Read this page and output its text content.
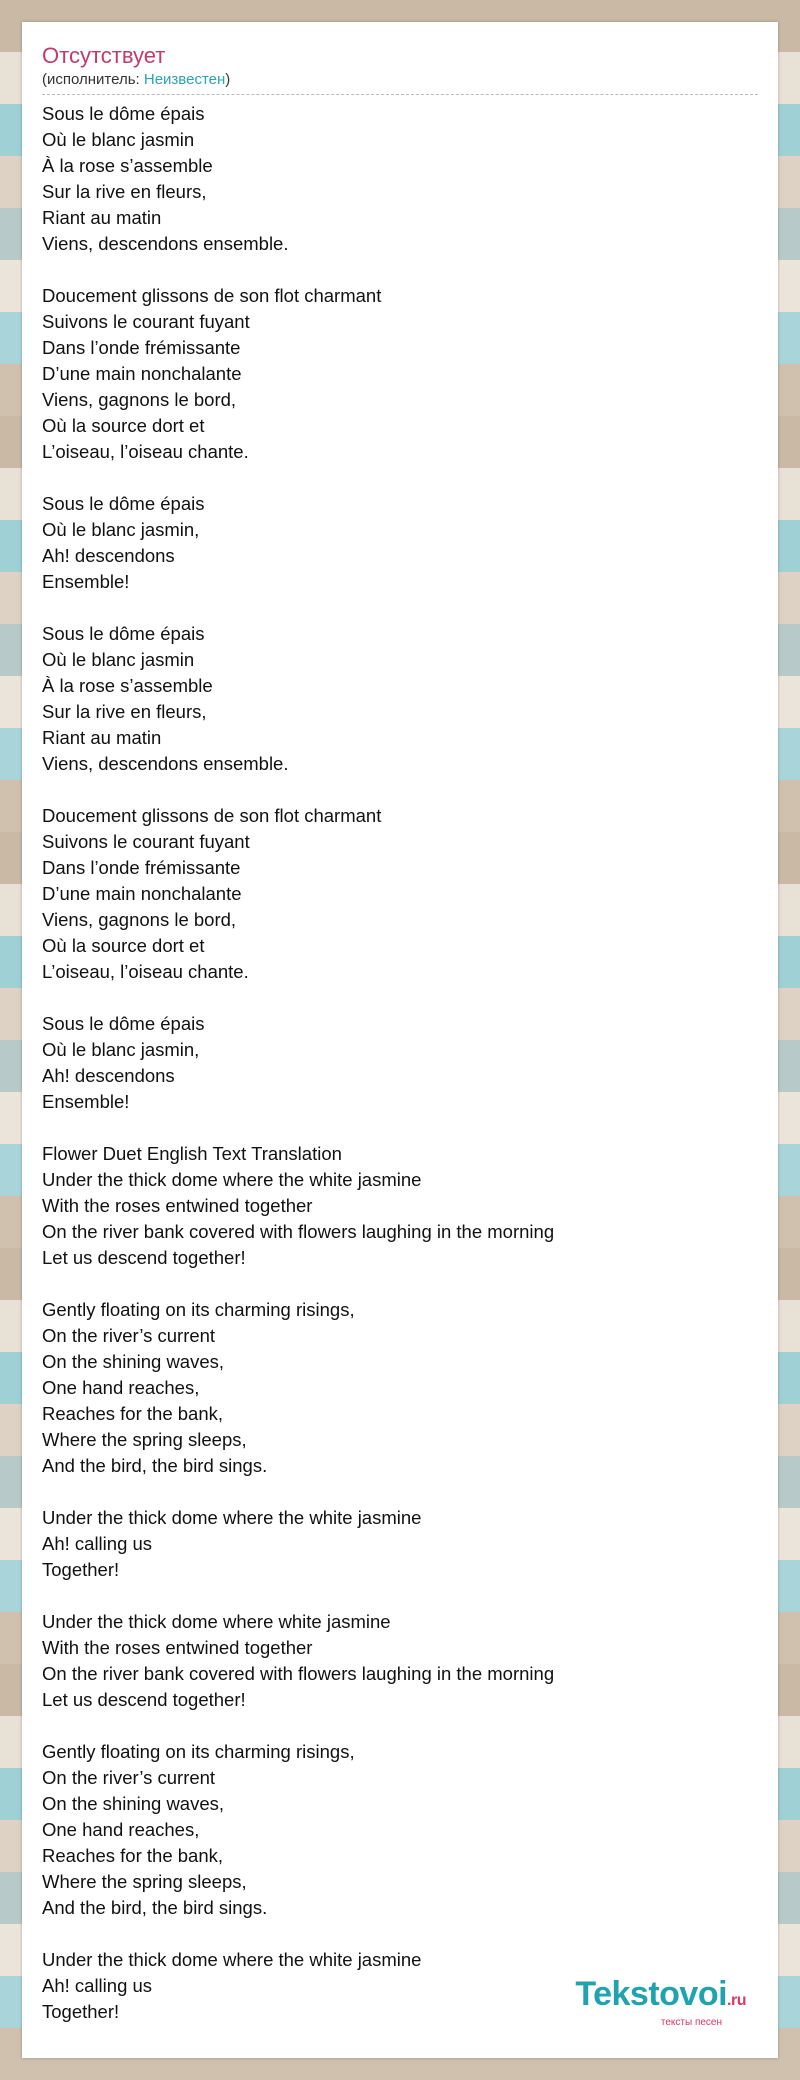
Отсутствует
(исполнитель: Неизвестен)
Sous le dôme épais
Où le blanc jasmin
À la rose s’assemble
Sur la rive en fleurs,
Riant au matin
Viens, descendons ensemble.
Doucement glissons de son flot charmant
Suivons le courant fuyant
Dans l’onde frémissante
D’une main nonchalante
Viens, gagnons le bord,
Où la source dort et
L’oiseau, l’oiseau chante.
Sous le dôme épais
Où le blanc jasmin,
Ah! descendons
Ensemble!
Sous le dôme épais
Où le blanc jasmin
À la rose s’assemble
Sur la rive en fleurs,
Riant au matin
Viens, descendons ensemble.
Doucement glissons de son flot charmant
Suivons le courant fuyant
Dans l’onde frémissante
D’une main nonchalante
Viens, gagnons le bord,
Où la source dort et
L’oiseau, l’oiseau chante.
Sous le dôme épais
Où le blanc jasmin,
Ah! descendons
Ensemble!
Flower Duet English Text Translation
Under the thick dome where the white jasmine
With the roses entwined together
On the river bank covered with flowers laughing in the morning
Let us descend together!
Gently floating on its charming risings,
On the river’s current
On the shining waves,
One hand reaches,
Reaches for the bank,
Where the spring sleeps,
And the bird, the bird sings.
Under the thick dome where the white jasmine
Ah! calling us
Together!
Under the thick dome where white jasmine
With the roses entwined together
On the river bank covered with flowers laughing in the morning
Let us descend together!
Gently floating on its charming risings,
On the river’s current
On the shining waves,
One hand reaches,
Reaches for the bank,
Where the spring sleeps,
And the bird, the bird sings.
Under the thick dome where the white jasmine
Ah! calling us
Together!	Tekstovoi.ru
тексты песен
